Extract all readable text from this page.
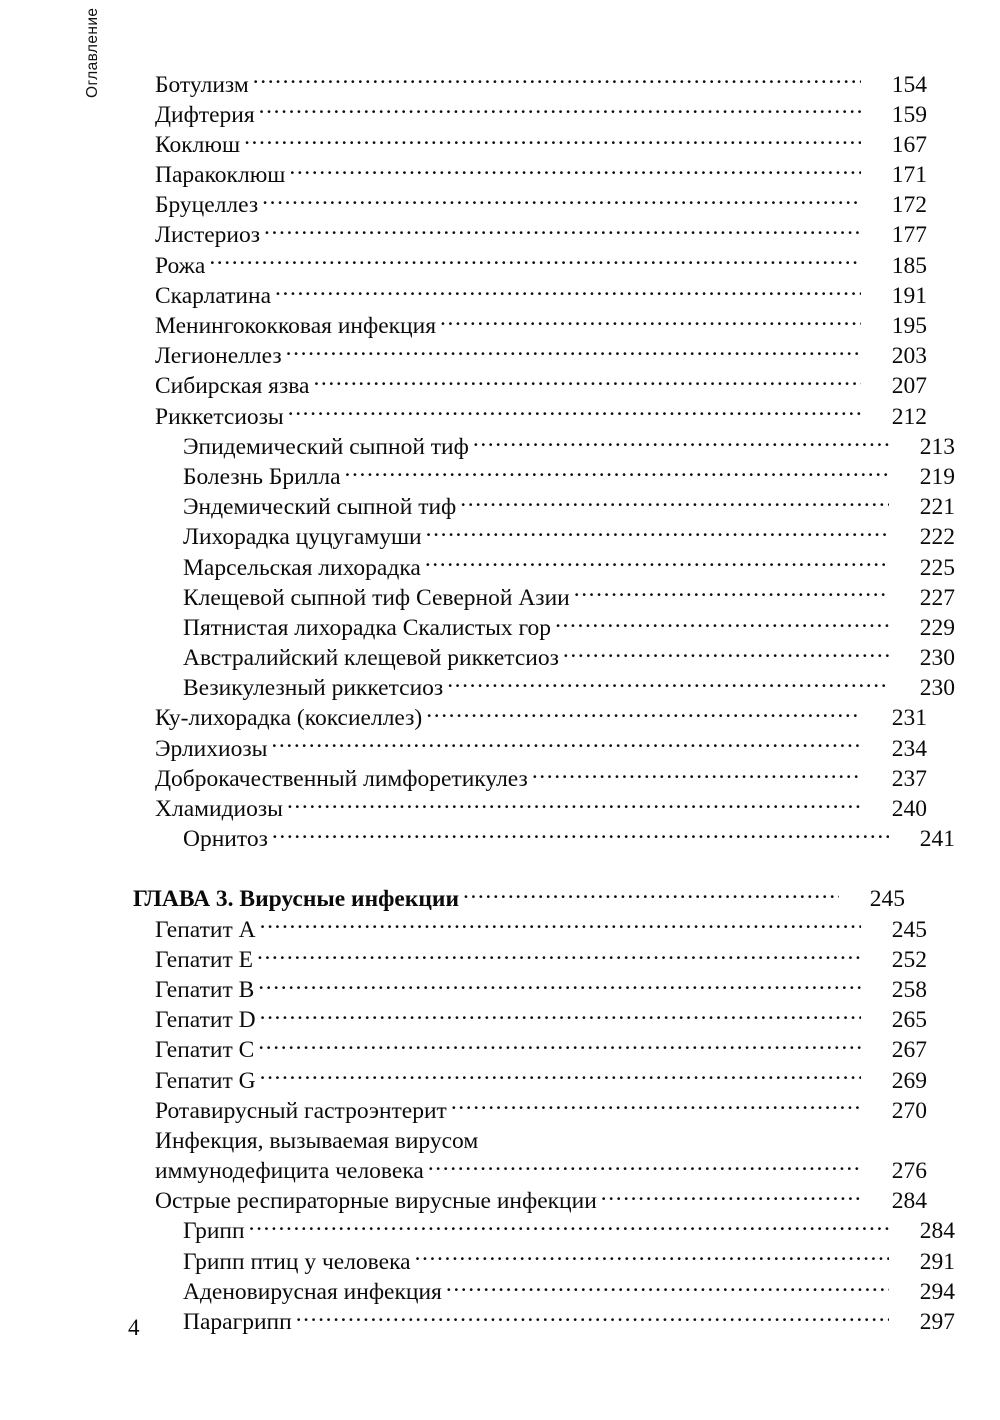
Оглавление	Ботулизм .....	154
Дифтерия .....	159
Коклюш .....	167
Паракоклюш .....	171
Бруцеллез .....	172
Листериоз .....	177
Рожа .....	185
Скарлатина .....	191
Менингококковая инфекция .....	195
Легионеллез .....	203
Сибирская язва .....	207
Риккетсиозы .....	212
Эпидемический сыпной тиф .....	213
Болезнь Брилла .....	219
Эндемический сыпной тиф .....	221
Лихорадка цуцугамуши .....	222
Марсельская лихорадка .....	225
Клещевой сыпной тиф Северной Азии .....	227
Пятнистая лихорадка Скалистых гор .....	229
Австралийский клещевой риккетсиоз .....	230
Везикулезный риккетсиоз .....	230
Ку-лихорадка (коксиеллез) .....	231
Эрлихиозы .....	234
Доброкачественный лимфоретикулез .....	237
Хламидиозы .....	240
Орнитоз .....	241
ГЛАВА 3. Вирусные инфекции .....	245
Гепатит А .....	245
Гепатит Е .....	252
Гепатит В .....	258
Гепатит D .....	265
Гепатит С .....	267
Гепатит G .....	269
Ротавирусный гастроэнтерит .....	270
Инфекция, вызываемая вирусом
иммунодефицита человека .....	276
Острые респираторные вирусные инфекции .....	284
Грипп .....	284
Грипп птиц у человека .....	291
Аденовирусная инфекция .....	294
Парагрипп .....	297
4
